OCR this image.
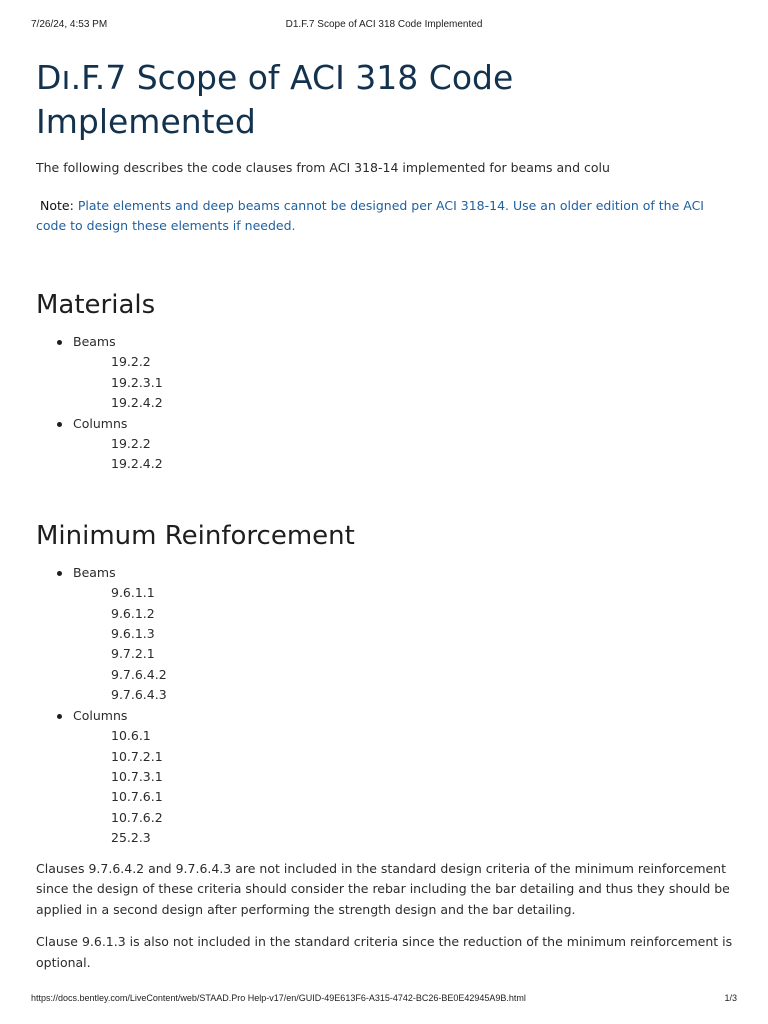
7/26/24, 4:53 PM	D1.F.7 Scope of ACI 318 Code Implemented
Dı.F.7 Scope of ACI 318 Code Implemented

The following describes the code clauses from ACI 318-14 implemented for beams and colu

Note: Plate elements and deep beams cannot be designed per ACI 318-14. Use an older edition of the ACI code to design these elements if needed.

Materials
Beams
19.2.2
19.2.3.1
19.2.4.2
Columns
19.2.2
19.2.4.2
Minimum Reinforcement
Beams
9.6.1.1
9.6.1.2
9.6.1.3
9.7.2.1
9.7.6.4.2
9.7.6.4.3
Columns
10.6.1
10.7.2.1
10.7.3.1
10.7.6.1
10.7.6.2
25.2.3

Clauses 9.7.6.4.2 and 9.7.6.4.3 are not included in the standard design criteria of the minimum reinforcement since the design of these criteria should consider the rebar including the bar detailing and thus they should be applied in a second design after performing the strength design and the bar detailing.

Clause 9.6.1.3 is also not included in the standard criteria since the reduction of the minimum reinforcement is optional.

https://docs.bentley.com/LiveContent/web/STAAD.Pro Help-v17/en/GUID-49E613F6-A315-4742-BC26-BE0E42945A9B.html	1/3
